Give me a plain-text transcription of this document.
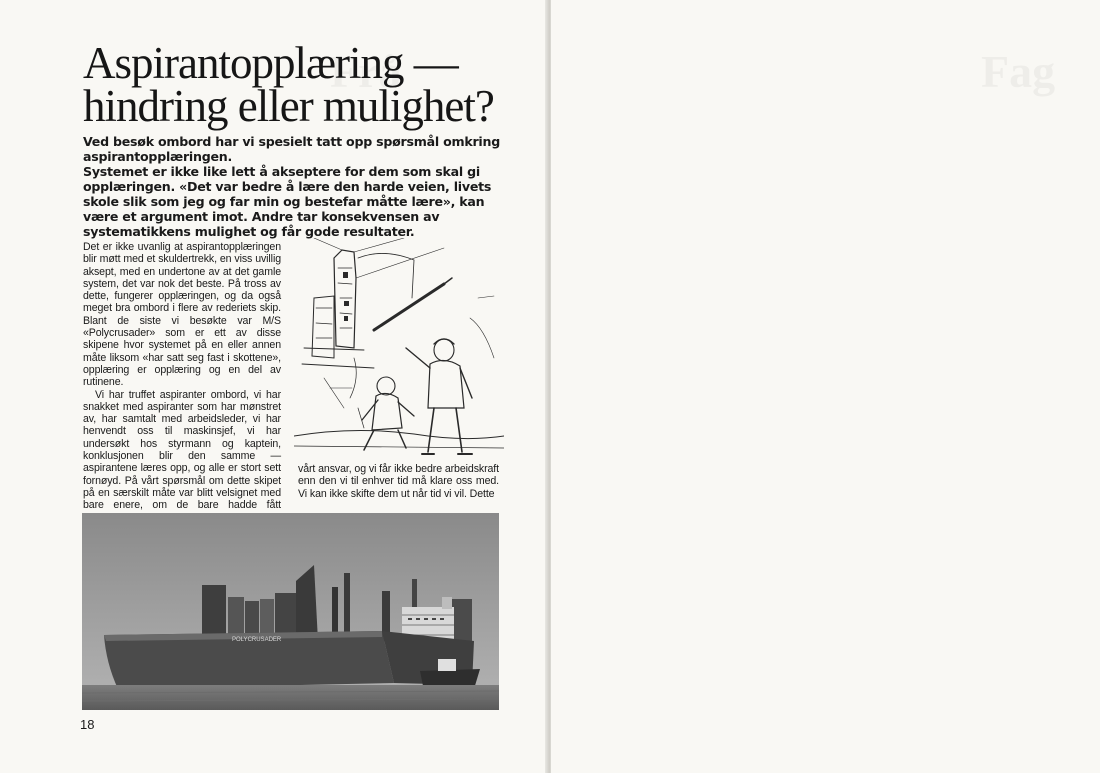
Aspirantopplæring — hindring eller mulighet?

Ved besøk ombord har vi spesielt tatt opp spørsmål omkring aspirantopplæringen.

Systemet er ikke like lett å akseptere for dem som skal gi opplæringen. «Det var bedre å lære den harde veien, livets skole slik som jeg og far min og bestefar måtte lære», kan være et argument imot. Andre tar konsekvensen av systematikkens mulighet og får gode resultater.

Det er ikke uvanlig at aspirantopplæringen blir møtt med et skuldertrekk, en viss uvillig aksept, med en undertone av at det gamle system, det var nok det beste. På tross av dette, fungerer opplæringen, og da også meget bra ombord i flere av rederiets skip. Blant de siste vi besøkte var M/S «Polycrusader» som er ett av disse skipene hvor systemet på en eller annen måte liksom «har satt seg fast i skottene», opplæring er opplæring og en del av rutinene.

Vi har truffet aspiranter ombord, vi har snakket med aspiranter som har mønstret av, har samtalt med arbeidsleder, vi har henvendt oss til maskinsjef, vi har undersøkt hos styrmann og kaptein, konklusjonen blir den samme — aspirantene læres opp, og alle er stort sett fornøyd. På vårt spørsmål om dette skipet på en særskilt måte var blitt velsignet med bare enere, om de bare hadde fått

vårt ansvar, og vi får ikke bedre arbeidskraft enn den vi til enhver tid må klare oss med. Vi kan ikke skifte dem ut når tid vi vil. Dette

POLYCRUSADER
18
